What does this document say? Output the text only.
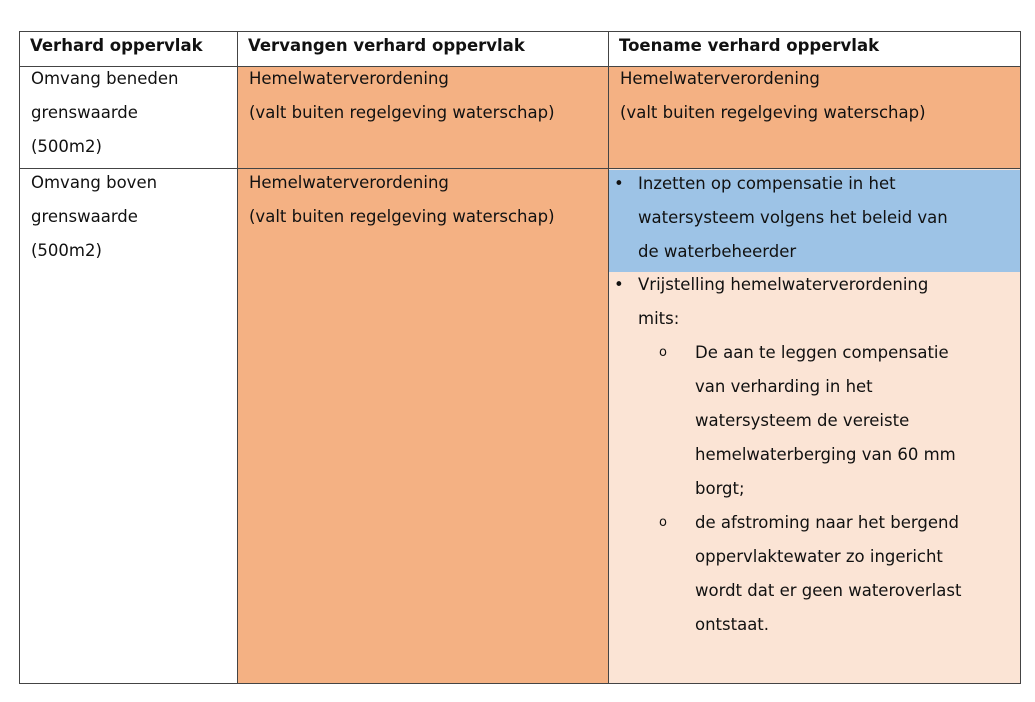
Verhard oppervlak	Vervangen verhard oppervlak	Toename verhard oppervlak
Omvang beneden
grenswaarde
(500m2)
Hemelwaterverordening
(valt buiten regelgeving waterschap)
Hemelwaterverordening
(valt buiten regelgeving waterschap)
Omvang boven
grenswaarde
(500m2)
Hemelwaterverordening
(valt buiten regelgeving waterschap)
• Inzetten op compensatie in het
watersysteem volgens het beleid van
de waterbeheerder
• Vrijstelling hemelwaterverordening
mits:
o De aan te leggen compensatie
van verharding in het
watersysteem de vereiste
hemelwaterberging van 60 mm
borgt;
o de afstroming naar het bergend
oppervlaktewater zo ingericht
wordt dat er geen wateroverlast
ontstaat.
